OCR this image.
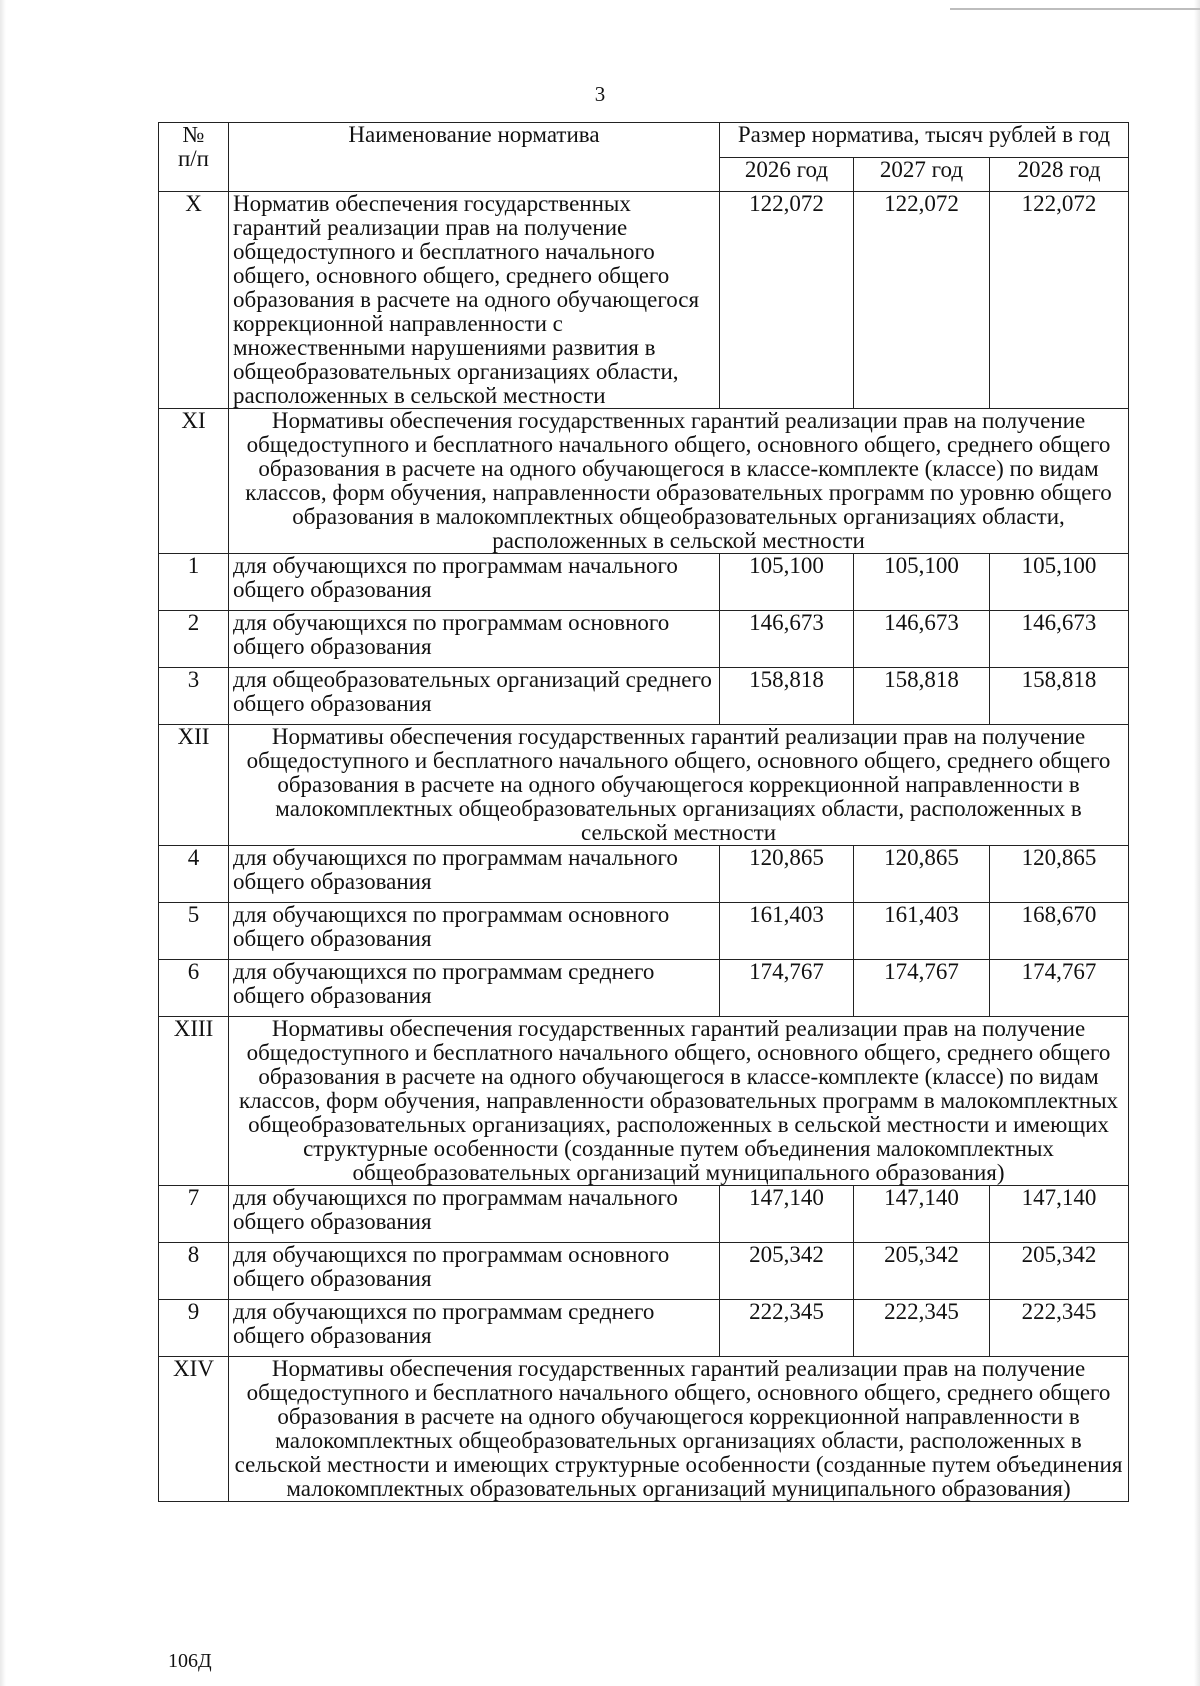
3
№
п/п	Наименование норматива	Размер норматива, тысяч рублей в год		
		2026 год	2027 год	2028 год
X	Норматив обеспечения государственных гарантий реализации прав на получение общедоступного и бесплатного начального общего, основного общего, среднего общего образования в расчете на одного обучающегося коррекционной направленности с множественными нарушениями развития в общеобразовательных организациях области, расположенных в сельской местности	122,072	122,072	122,072
XI	Нормативы обеспечения государственных гарантий реализации прав на получение общедоступного и бесплатного начального общего, основного общего, среднего общего образования в расчете на одного обучающегося в классе-комплекте (классе) по видам классов, форм обучения, направленности образовательных программ по уровню общего образования в малокомплектных общеобразовательных организациях области, расположенных в сельской местности			
1	для обучающихся по программам начального общего образования	105,100	105,100	105,100
2	для обучающихся по программам основного общего образования	146,673	146,673	146,673
3	для общеобразовательных организаций среднего общего образования	158,818	158,818	158,818
XII	Нормативы обеспечения государственных гарантий реализации прав на получение общедоступного и бесплатного начального общего, основного общего, среднего общего образования в расчете на одного обучающегося коррекционной направленности в малокомплектных общеобразовательных организациях области, расположенных в сельской местности			
4	для обучающихся по программам начального общего образования	120,865	120,865	120,865
5	для обучающихся по программам основного общего образования	161,403	161,403	168,670
6	для обучающихся по программам среднего общего образования	174,767	174,767	174,767
XIII	Нормативы обеспечения государственных гарантий реализации прав на получение общедоступного и бесплатного начального общего, основного общего, среднего общего образования в расчете на одного обучающегося в классе-комплекте (классе) по видам классов, форм обучения, направленности образовательных программ в малокомплектных общеобразовательных организациях, расположенных в сельской местности и имеющих структурные особенности (созданные путем объединения малокомплектных общеобразовательных организаций муниципального образования)			
7	для обучающихся по программам начального общего образования	147,140	147,140	147,140
8	для обучающихся по программам основного общего образования	205,342	205,342	205,342
9	для обучающихся по программам среднего общего образования	222,345	222,345	222,345
XIV	Нормативы обеспечения государственных гарантий реализации прав на получение общедоступного и бесплатного начального общего, основного общего, среднего общего образования в расчете на одного обучающегося коррекционной направленности в малокомплектных общеобразовательных организациях области, расположенных в сельской местности и имеющих структурные особенности (созданные путем объединения малокомплектных образовательных организаций муниципального образования)			
106Д
